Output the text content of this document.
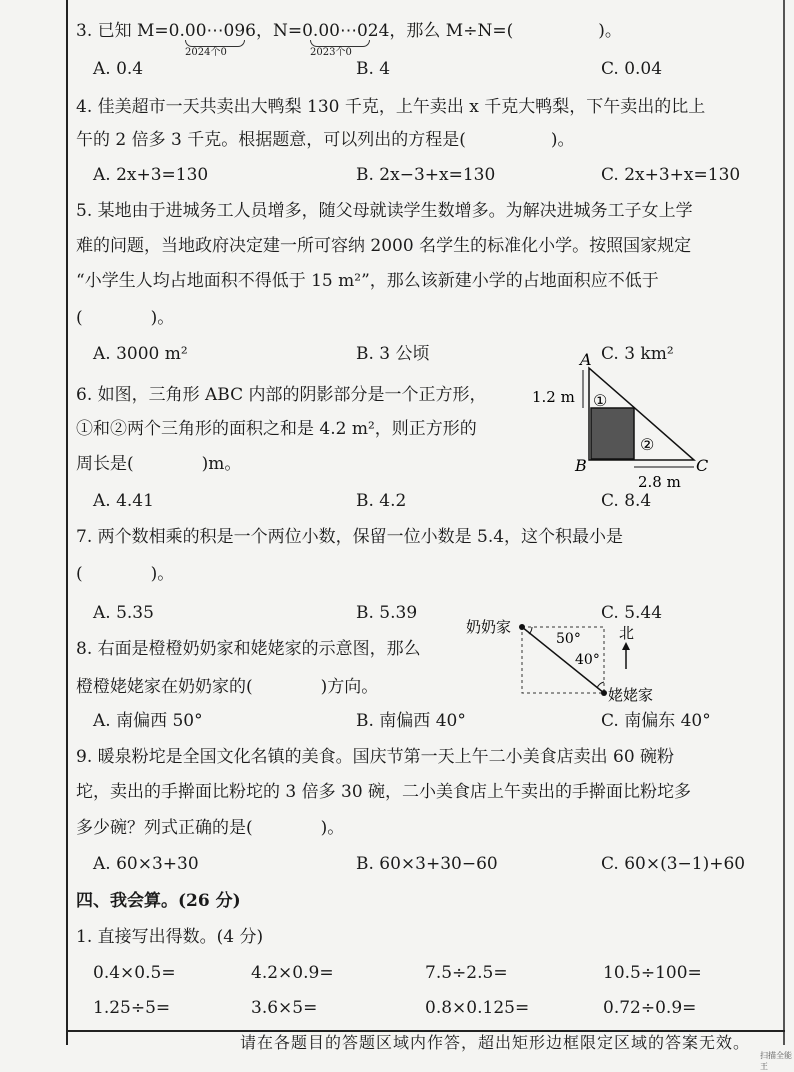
3. 已知 M=0.00⋯096，N=0.00⋯024，那么 M÷N=(　　　　　)。
2024个0	2023个0
A. 0.4	B. 4	C. 0.04
4. 佳美超市一天共卖出大鸭梨 130 千克，上午卖出 x 千克大鸭梨，下午卖出的比上
午的 2 倍多 3 千克。根据题意，可以列出的方程是(　　　　　)。
A. 2x+3=130	B. 2x−3+x=130	C. 2x+3+x=130
5. 某地由于进城务工人员增多，随父母就读学生数增多。为解决进城务工子女上学
难的问题，当地政府决定建一所可容纳 2000 名学生的标准化小学。按照国家规定
“小学生人均占地面积不得低于 15 m²”，那么该新建小学的占地面积应不低于
(　　　　)。
A. 3000 m²	B. 3 公顷	C. 3 km²
6. 如图，三角形 ABC 内部的阴影部分是一个正方形，
①和②两个三角形的面积之和是 4.2 m²，则正方形的
周长是(　　　　)m。
A. 4.41	B. 4.2	C. 8.4
A
B	C
1.2 m
2.8 m
①
②
7. 两个数相乘的积是一个两位小数，保留一位小数是 5.4，这个积最小是
(　　　　)。
A. 5.35	B. 5.39	C. 5.44
8. 右面是橙橙奶奶家和姥姥家的示意图，那么
橙橙姥姥家在奶奶家的(　　　　)方向。
A. 南偏西 50°	B. 南偏西 40°	C. 南偏东 40°
奶奶家
姥姥家
50°
40°
北
9. 暖泉粉坨是全国文化名镇的美食。国庆节第一天上午二小美食店卖出 60 碗粉
坨，卖出的手擀面比粉坨的 3 倍多 30 碗，二小美食店上午卖出的手擀面比粉坨多
多少碗？列式正确的是(　　　　)。
A. 60×3+30	B. 60×3+30−60	C. 60×(3−1)+60
四、我会算。(26 分)
1. 直接写出得数。(4 分)
0.4×0.5=	4.2×0.9=	7.5÷2.5=	10.5÷100=
1.25÷5=	3.6×5=	0.8×0.125=	0.72÷0.9=
请在各题目的答题区域内作答，超出矩形边框限定区域的答案无效。
扫描全能王
